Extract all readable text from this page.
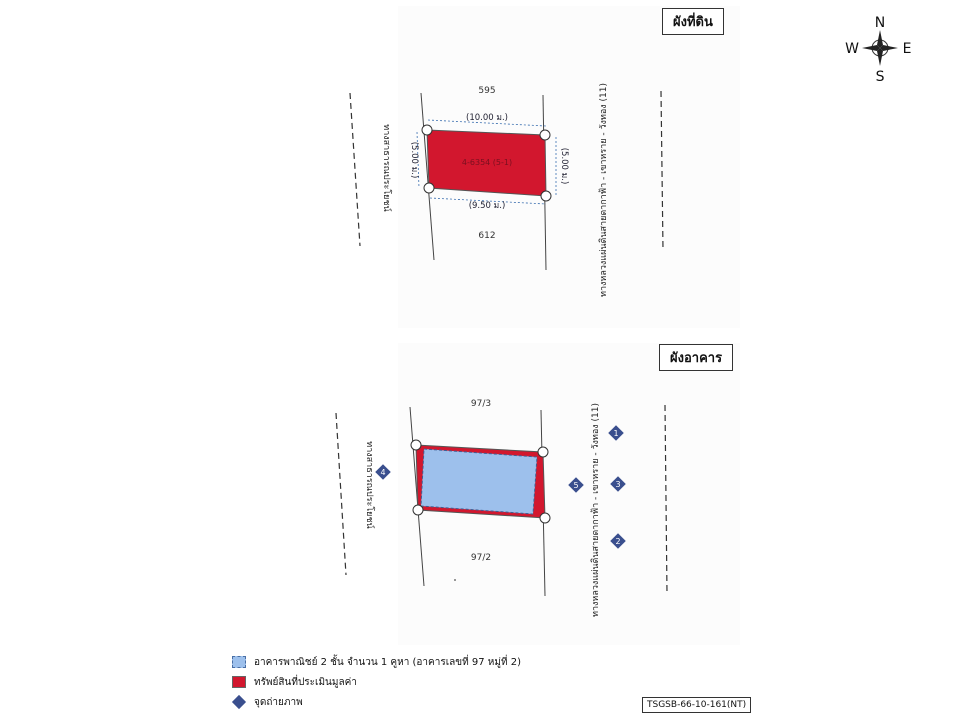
595
612
4-6354 (5-1)
(10.00 ม.)
(9.50 ม.)
(5.00 ม.)	(5.00 ม.)	ทางหลวงแผ่นดินสายดากาฟ้า - เขาหราย - วังทอง (11)
ทางสาธารณประโยชน์
97/3
97/2	ทางหลวงแผ่นดินสายดากาฟ้า - เขาหราย - วังทอง (11)
ทางสาธารณประโยชน์
1
2
3
4
5
N
S
E
W
ผังที่ดิน
ผังอาคาร
อาคารพาณิชย์ 2 ชั้น จำนวน 1 คูหา (อาคารเลขที่ 97 หมู่ที่ 2)
ทรัพย์สินที่ประเมินมูลค่า
จุดถ่ายภาพ	TSGSB-66-10-161(NT)
